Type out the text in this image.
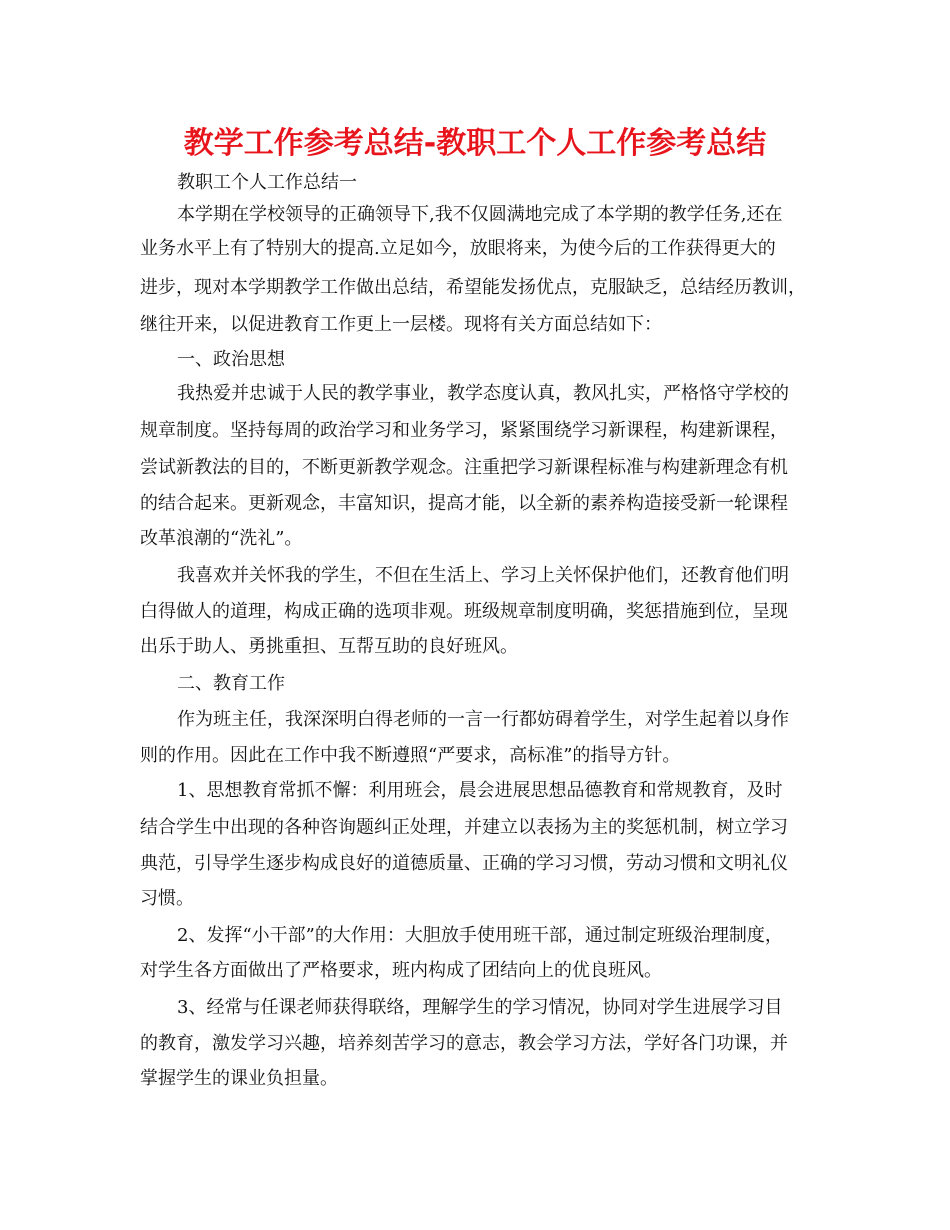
教学工作参考总结-教职工个人工作参考总结
教职工个人工作总结一
本学期在学校领导的正确领导下,我不仅圆满地完成了本学期的教学任务,还在
业务水平上有了特别大的提高.立足如今，放眼将来，为使今后的工作获得更大的
进步，现对本学期教学工作做出总结，希望能发扬优点，克服缺乏，总结经历教训，
继往开来，以促进教育工作更上一层楼。现将有关方面总结如下：
一、政治思想
我热爱并忠诚于人民的教学事业，教学态度认真，教风扎实，严格恪守学校的
规章制度。坚持每周的政治学习和业务学习，紧紧围绕学习新课程，构建新课程，
尝试新教法的目的，不断更新教学观念。注重把学习新课程标准与构建新理念有机
的结合起来。更新观念，丰富知识，提高才能，以全新的素养构造接受新一轮课程
改革浪潮的“洗礼”。
我喜欢并关怀我的学生，不但在生活上、学习上关怀保护他们，还教育他们明
白得做人的道理，构成正确的选项非观。班级规章制度明确，奖惩措施到位，呈现
出乐于助人、勇挑重担、互帮互助的良好班风。
二、教育工作
作为班主任，我深深明白得老师的一言一行都妨碍着学生，对学生起着以身作
则的作用。因此在工作中我不断遵照“严要求，高标准”的指导方针。
1、思想教育常抓不懈：利用班会，晨会进展思想品德教育和常规教育，及时
结合学生中出现的各种咨询题纠正处理，并建立以表扬为主的奖惩机制，树立学习
典范，引导学生逐步构成良好的道德质量、正确的学习习惯，劳动习惯和文明礼仪
习惯。
2、发挥“小干部”的大作用：大胆放手使用班干部，通过制定班级治理制度，
对学生各方面做出了严格要求，班内构成了团结向上的优良班风。
3、经常与任课老师获得联络，理解学生的学习情况，协同对学生进展学习目
的教育，激发学习兴趣，培养刻苦学习的意志，教会学习方法，学好各门功课，并
掌握学生的课业负担量。
